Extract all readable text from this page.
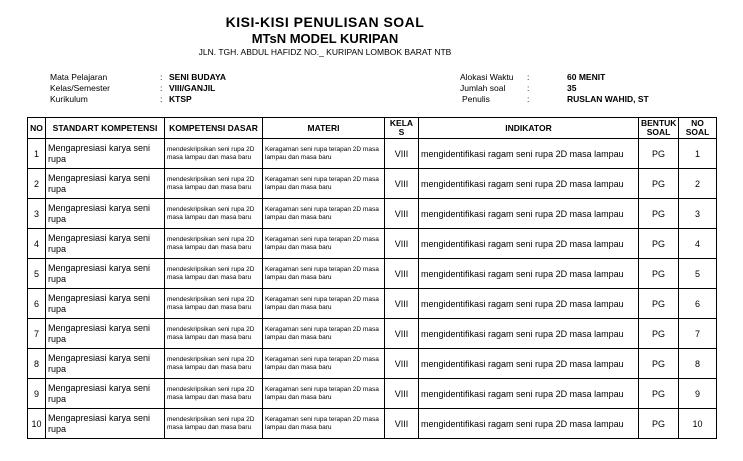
KISI-KISI PENULISAN SOAL
MTsN MODEL KURIPAN
JLN. TGH. ABDUL HAFIDZ NO._ KURIPAN LOMBOK BARAT NTB
Mata Pelajaran	: SENI BUDAYA
Kelas/Semester	: VIII/GANJIL
Kurikulum	: KTSP
Alokasi Waktu :	60 MENIT
Jumlah soal	:	35
Penulis	:	RUSLAN WAHID, ST
NO	STANDART KOMPETENSI	KOMPETENSI DASAR	MATERI	KELA S	INDIKATOR	BENTUK SOAL	NO SOAL
1	Mengapresiasi karya seni rupa	mendeskripsikan seni rupa 2D masa lampau dan masa baru	Keragaman seni rupa terapan 2D masa lampau dan masa baru	VIII	mengidentifikasi ragam seni rupa 2D masa lampau	PG	1
2	Mengapresiasi karya seni rupa	mendeskripsikan seni rupa 2D masa lampau dan masa baru	Keragaman seni rupa terapan 2D masa lampau dan masa baru	VIII	mengidentifikasi ragam seni rupa 2D masa lampau	PG	2
3	Mengapresiasi karya seni rupa	mendeskripsikan seni rupa 2D masa lampau dan masa baru	Keragaman seni rupa terapan 2D masa lampau dan masa baru	VIII	mengidentifikasi ragam seni rupa 2D masa lampau	PG	3
4	Mengapresiasi karya seni rupa	mendeskripsikan seni rupa 2D masa lampau dan masa baru	Keragaman seni rupa terapan 2D masa lampau dan masa baru	VIII	mengidentifikasi ragam seni rupa 2D masa lampau	PG	4
5	Mengapresiasi karya seni rupa	mendeskripsikan seni rupa 2D masa lampau dan masa baru	Keragaman seni rupa terapan 2D masa lampau dan masa baru	VIII	mengidentifikasi ragam seni rupa 2D masa lampau	PG	5
6	Mengapresiasi karya seni rupa	mendeskripsikan seni rupa 2D masa lampau dan masa baru	Keragaman seni rupa terapan 2D masa lampau dan masa baru	VIII	mengidentifikasi ragam seni rupa 2D masa lampau	PG	6
7	Mengapresiasi karya seni rupa	mendeskripsikan seni rupa 2D masa lampau dan masa baru	Keragaman seni rupa terapan 2D masa lampau dan masa baru	VIII	mengidentifikasi ragam seni rupa 2D masa lampau	PG	7
8	Mengapresiasi karya seni rupa	mendeskripsikan seni rupa 2D masa lampau dan masa baru	Keragaman seni rupa terapan 2D masa lampau dan masa baru	VIII	mengidentifikasi ragam seni rupa 2D masa lampau	PG	8
9	Mengapresiasi karya seni rupa	mendeskripsikan seni rupa 2D masa lampau dan masa baru	Keragaman seni rupa terapan 2D masa lampau dan masa baru	VIII	mengidentifikasi ragam seni rupa 2D masa lampau	PG	9
10	Mengapresiasi karya seni rupa	mendeskripsikan seni rupa 2D masa lampau dan masa baru	Keragaman seni rupa terapan 2D masa lampau dan masa baru	VIII	mengidentifikasi ragam seni rupa 2D masa lampau	PG	10
